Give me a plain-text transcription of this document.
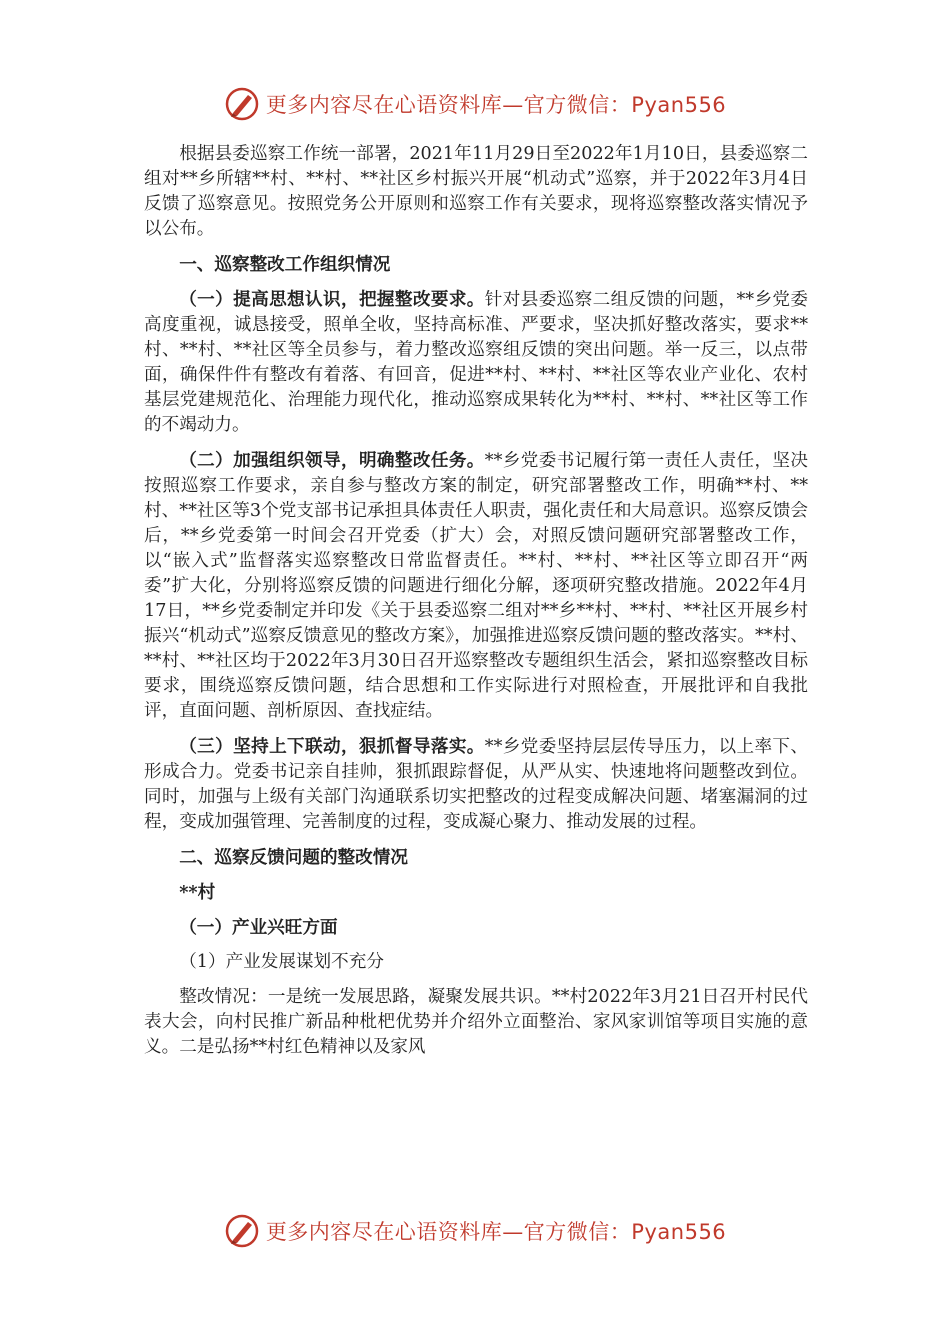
更多内容尽在心语资料库—官方微信：Pyan556

根据县委巡察工作统一部署，2021年11月29日至2022年1月10日，县委巡察二组对**乡所辖**村、**村、**社区乡村振兴开展“机动式”巡察，并于2022年3月4日反馈了巡察意见。按照党务公开原则和巡察工作有关要求，现将巡察整改落实情况予以公布。

一、巡察整改工作组织情况

（一）提高思想认识，把握整改要求。针对县委巡察二组反馈的问题，**乡党委高度重视，诚恳接受，照单全收，坚持高标准、严要求，坚决抓好整改落实，要求**村、**村、**社区等全员参与，着力整改巡察组反馈的突出问题。举一反三，以点带面，确保件件有整改有着落、有回音，促进**村、**村、**社区等农业产业化、农村基层党建规范化、治理能力现代化，推动巡察成果转化为**村、**村、**社区等工作的不竭动力。

（二）加强组织领导，明确整改任务。**乡党委书记履行第一责任人责任，坚决按照巡察工作要求，亲自参与整改方案的制定，研究部署整改工作，明确**村、**村、**社区等3个党支部书记承担具体责任人职责，强化责任和大局意识。巡察反馈会后，**乡党委第一时间会召开党委（扩大）会，对照反馈问题研究部署整改工作，以“嵌入式”监督落实巡察整改日常监督责任。**村、**村、**社区等立即召开“两委”扩大化，分别将巡察反馈的问题进行细化分解，逐项研究整改措施。2022年4月17日，**乡党委制定并印发《关于县委巡察二组对**乡**村、**村、**社区开展乡村振兴“机动式”巡察反馈意见的整改方案》，加强推进巡察反馈问题的整改落实。**村、**村、**社区均于2022年3月30日召开巡察整改专题组织生活会，紧扣巡察整改目标要求，围绕巡察反馈问题，结合思想和工作实际进行对照检查，开展批评和自我批评，直面问题、剖析原因、查找症结。

（三）坚持上下联动，狠抓督导落实。**乡党委坚持层层传导压力，以上率下、形成合力。党委书记亲自挂帅，狠抓跟踪督促，从严从实、快速地将问题整改到位。同时，加强与上级有关部门沟通联系切实把整改的过程变成解决问题、堵塞漏洞的过程，变成加强管理、完善制度的过程，变成凝心聚力、推动发展的过程。

二、巡察反馈问题的整改情况

**村

（一）产业兴旺方面

（1）产业发展谋划不充分

整改情况：一是统一发展思路，凝聚发展共识。**村2022年3月21日召开村民代表大会，向村民推广新品种枇杷优势并介绍外立面整治、家风家训馆等项目实施的意义。二是弘扬**村红色精神以及家风

更多内容尽在心语资料库—官方微信：Pyan556
